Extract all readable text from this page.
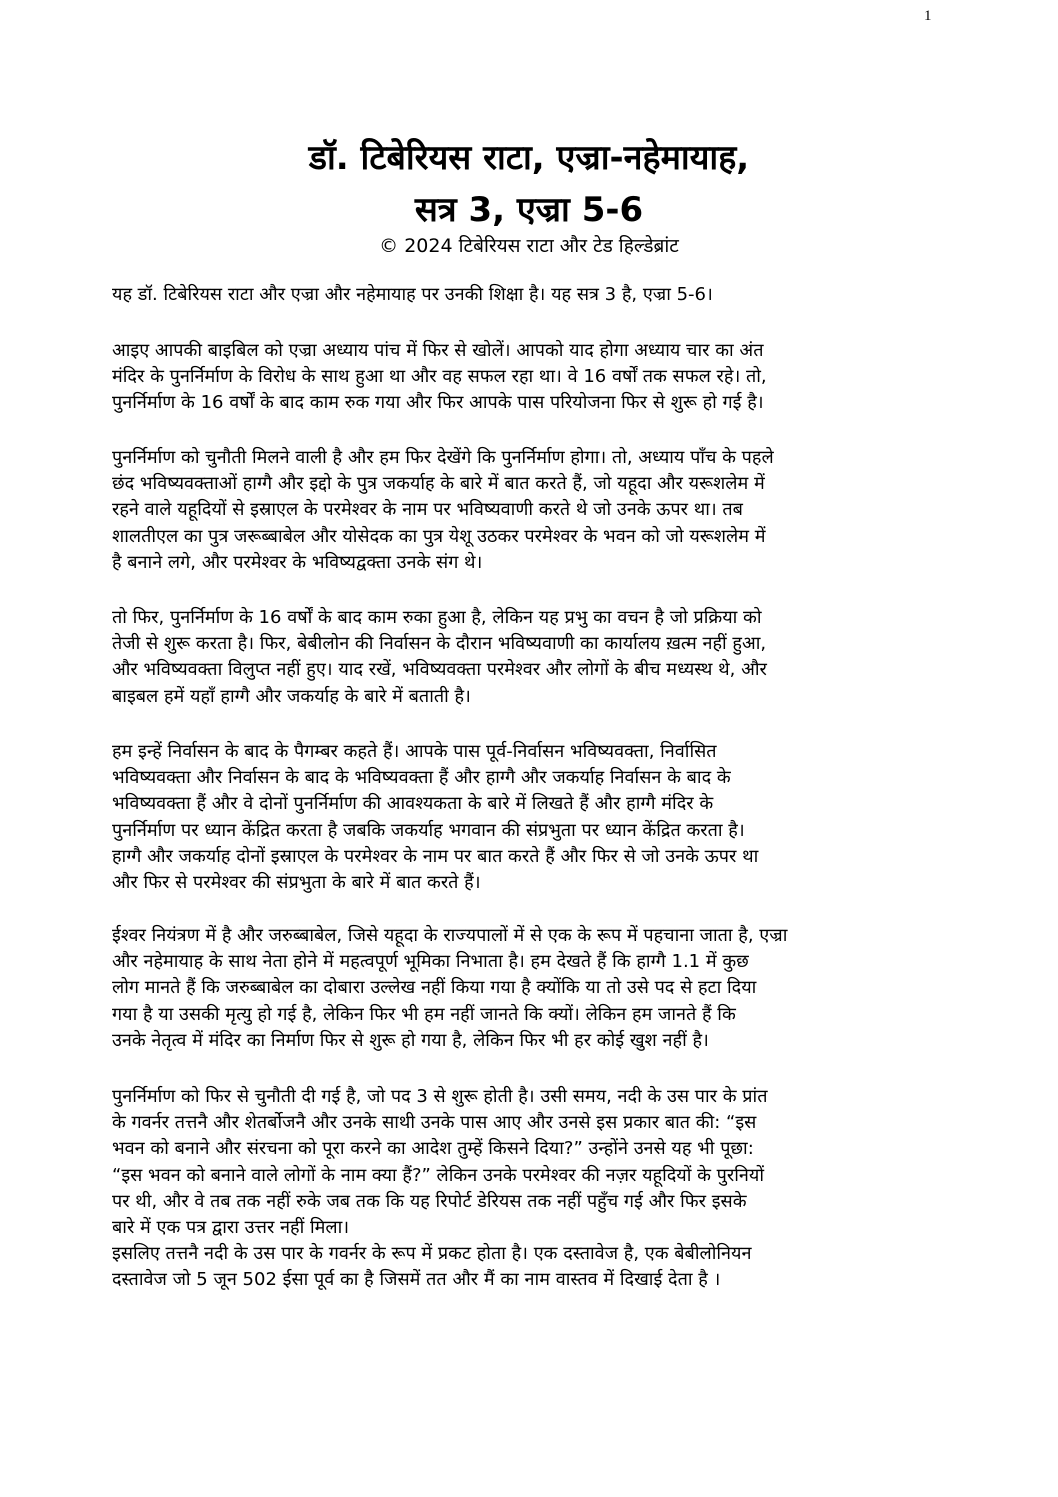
1
डॉ. टिबेरियस राटा, एज्रा-नहेमायाह,
सत्र 3, एज्रा 5-6
© 2024 टिबेरियस राटा और टेड हिल्डेब्रांट
यह डॉ. टिबेरियस राटा और एज्रा और नहेमायाह पर उनकी शिक्षा है। यह सत्र 3 है, एज्रा 5-6।
आइए आपकी बाइबिल को एज्रा अध्याय पांच में फिर से खोलें। आपको याद होगा अध्याय चार का अंत
मंदिर के पुनर्निर्माण के विरोध के साथ हुआ था और वह सफल रहा था। वे 16 वर्षों तक सफल रहे। तो,
पुनर्निर्माण के 16 वर्षों के बाद काम रुक गया और फिर आपके पास परियोजना फिर से शुरू हो गई है।
पुनर्निर्माण को चुनौती मिलने वाली है और हम फिर देखेंगे कि पुनर्निर्माण होगा। तो, अध्याय पाँच के पहले
छंद भविष्यवक्ताओं हाग्गै और इद्दो के पुत्र जकर्याह के बारे में बात करते हैं, जो यहूदा और यरूशलेम में
रहने वाले यहूदियों से इस्राएल के परमेश्वर के नाम पर भविष्यवाणी करते थे जो उनके ऊपर था। तब
शालतीएल का पुत्र जरूब्बाबेल और योसेदक का पुत्र येशू उठकर परमेश्वर के भवन को जो यरूशलेम में
है बनाने लगे, और परमेश्वर के भविष्यद्वक्ता उनके संग थे।
तो फिर, पुनर्निर्माण के 16 वर्षों के बाद काम रुका हुआ है, लेकिन यह प्रभु का वचन है जो प्रक्रिया को
तेजी से शुरू करता है। फिर, बेबीलोन की निर्वासन के दौरान भविष्यवाणी का कार्यालय ख़त्म नहीं हुआ,
और भविष्यवक्ता विलुप्त नहीं हुए। याद रखें, भविष्यवक्ता परमेश्वर और लोगों के बीच मध्यस्थ थे, और
बाइबल हमें यहाँ हाग्गै और जकर्याह के बारे में बताती है।
हम इन्हें निर्वासन के बाद के पैगम्बर कहते हैं। आपके पास पूर्व-निर्वासन भविष्यवक्ता, निर्वासित
भविष्यवक्ता और निर्वासन के बाद के भविष्यवक्ता हैं और हाग्गै और जकर्याह निर्वासन के बाद के
भविष्यवक्ता हैं और वे दोनों पुनर्निर्माण की आवश्यकता के बारे में लिखते हैं और हाग्गै मंदिर के
पुनर्निर्माण पर ध्यान केंद्रित करता है जबकि जकर्याह भगवान की संप्रभुता पर ध्यान केंद्रित करता है।
हाग्गै और जकर्याह दोनों इस्राएल के परमेश्वर के नाम पर बात करते हैं और फिर से जो उनके ऊपर था
और फिर से परमेश्वर की संप्रभुता के बारे में बात करते हैं।
ईश्वर नियंत्रण में है और जरुब्बाबेल, जिसे यहूदा के राज्यपालों में से एक के रूप में पहचाना जाता है, एज्रा
और नहेमायाह के साथ नेता होने में महत्वपूर्ण भूमिका निभाता है। हम देखते हैं कि हाग्गै 1.1 में कुछ
लोग मानते हैं कि जरुब्बाबेल का दोबारा उल्लेख नहीं किया गया है क्योंकि या तो उसे पद से हटा दिया
गया है या उसकी मृत्यु हो गई है, लेकिन फिर भी हम नहीं जानते कि क्यों। लेकिन हम जानते हैं कि
उनके नेतृत्व में मंदिर का निर्माण फिर से शुरू हो गया है, लेकिन फिर भी हर कोई खुश नहीं है।
पुनर्निर्माण को फिर से चुनौती दी गई है, जो पद 3 से शुरू होती है। उसी समय, नदी के उस पार के प्रांत
के गवर्नर तत्तनै और शेतर्बोजनै और उनके साथी उनके पास आए और उनसे इस प्रकार बात की: “इस
भवन को बनाने और संरचना को पूरा करने का आदेश तुम्हें किसने दिया?” उन्होंने उनसे यह भी पूछा:
“इस भवन को बनाने वाले लोगों के नाम क्या हैं?” लेकिन उनके परमेश्वर की नज़र यहूदियों के पुरनियों
पर थी, और वे तब तक नहीं रुके जब तक कि यह रिपोर्ट डेरियस तक नहीं पहुँच गई और फिर इसके
बारे में एक पत्र द्वारा उत्तर नहीं मिला।
इसलिए तत्तनै नदी के उस पार के गवर्नर के रूप में प्रकट होता है। एक दस्तावेज है, एक बेबीलोनियन
दस्तावेज जो 5 जून 502 ईसा पूर्व का है जिसमें तत और मैं का नाम वास्तव में दिखाई देता है ।
